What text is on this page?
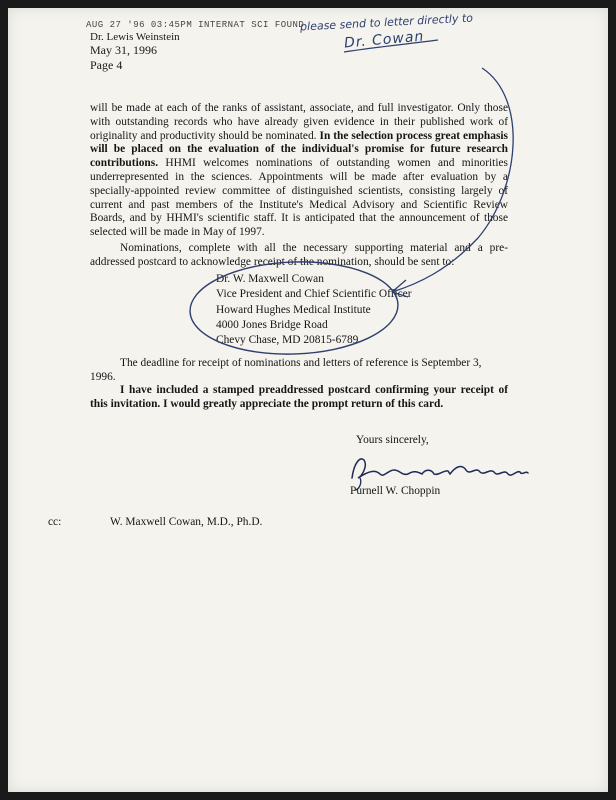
AUG 27 '96 03:45PM INTERNAT SCI FOUND
please send to letter directly to
Dr. Cowan
Dr. Lewis Weinstein
May 31, 1996
Page 4

will be made at each of the ranks of assistant, associate, and full investigator. Only those with outstanding records who have already given evidence in their published work of originality and productivity should be nominated. In the selection process great emphasis will be placed on the evaluation of the individual's promise for future research contributions. HHMI welcomes nominations of outstanding women and minorities underrepresented in the sciences. Appointments will be made after evaluation by a specially-appointed review committee of distinguished scientists, consisting largely of current and past members of the Institute's Medical Advisory and Scientific Review Boards, and by HHMI's scientific staff. It is anticipated that the announcement of those selected will be made in May of 1997.

Nominations, complete with all the necessary supporting material and a pre-addressed postcard to acknowledge receipt of the nomination, should be sent to:

Dr. W. Maxwell Cowan
Vice President and Chief Scientific Officer
Howard Hughes Medical Institute
4000 Jones Bridge Road
Chevy Chase, MD 20815-6789

The deadline for receipt of nominations and letters of reference is September 3, 1996.

I have included a stamped preaddressed postcard confirming your receipt of this invitation. I would greatly appreciate the prompt return of this card.

Yours sincerely,
Purnell W. Choppin
cc:	W. Maxwell Cowan, M.D., Ph.D.
